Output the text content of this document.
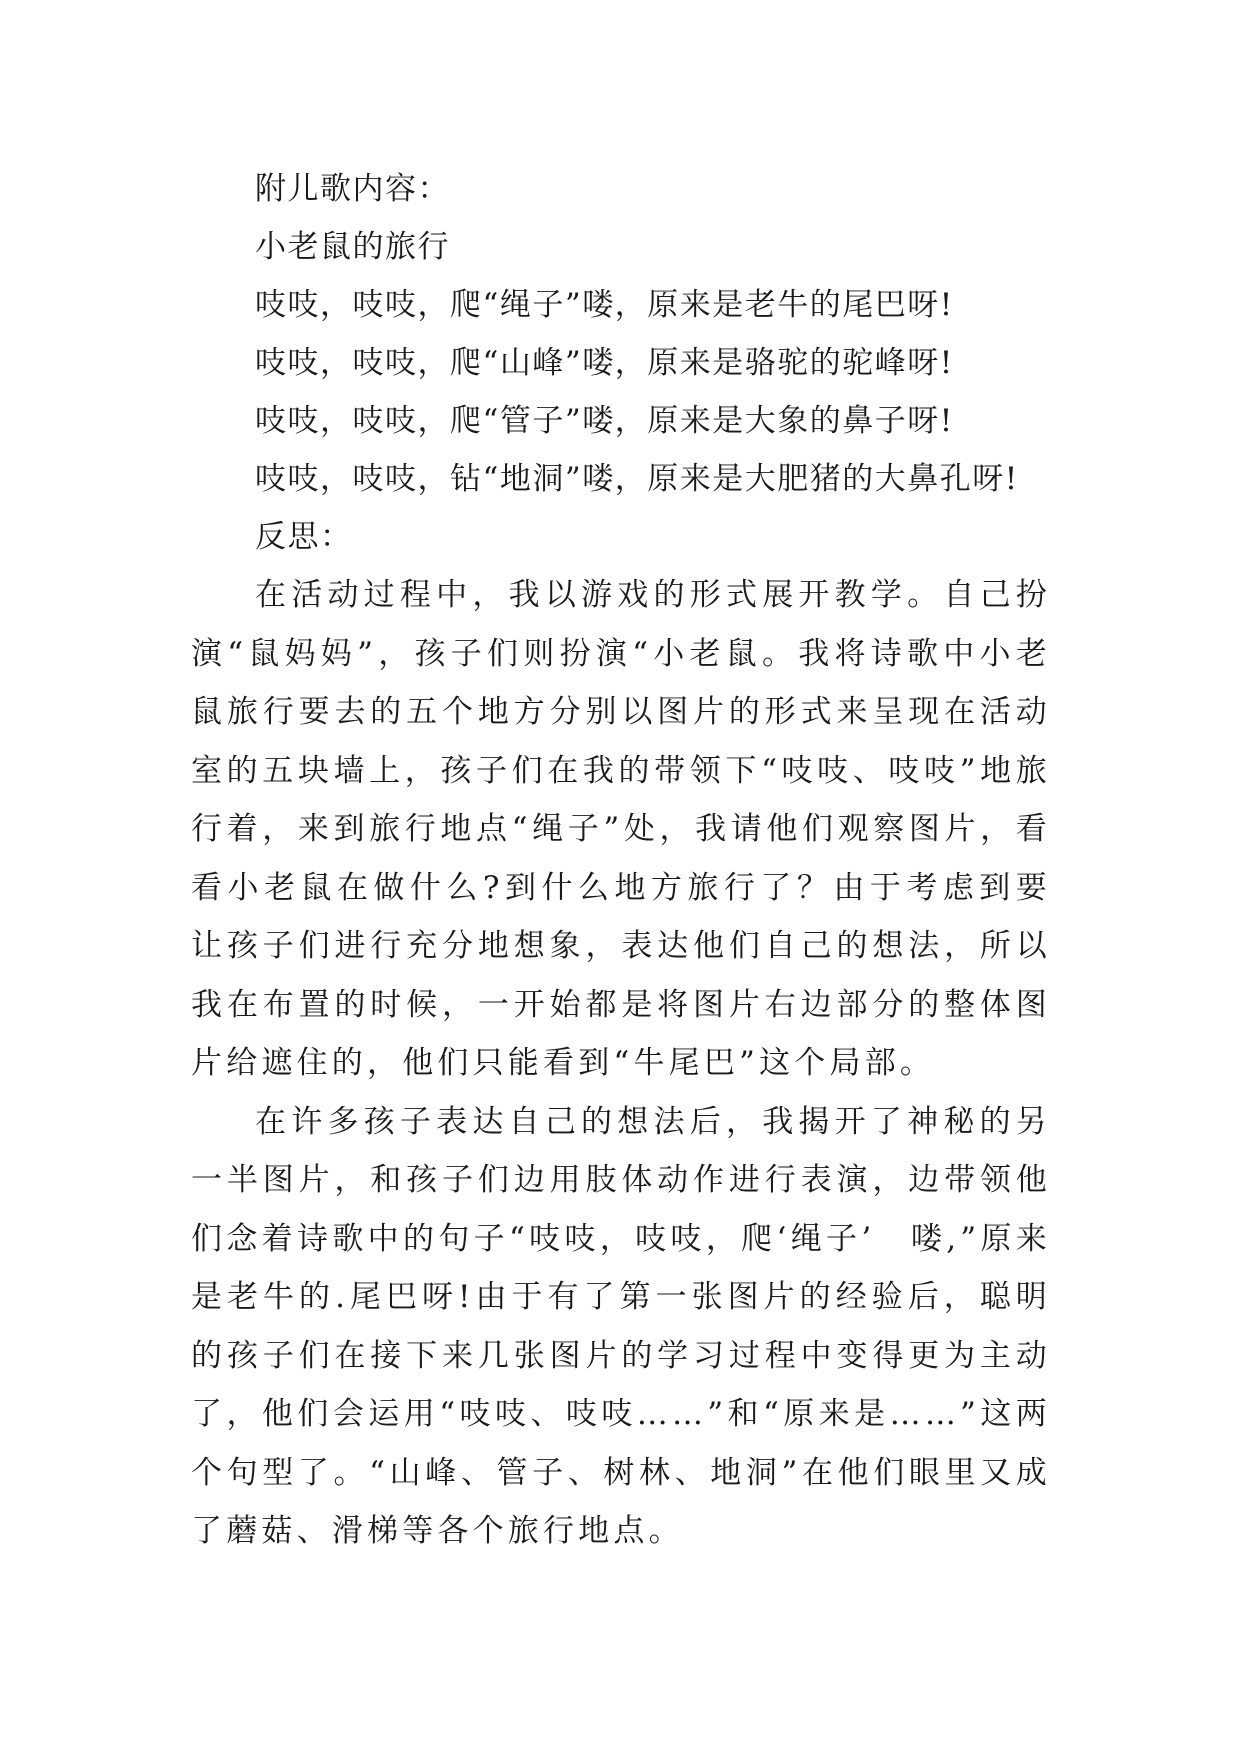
附儿歌内容：
小老鼠的旅行
吱吱，吱吱，爬“绳子”喽，原来是老牛的尾巴呀!
吱吱，吱吱，爬“山峰”喽，原来是骆驼的驼峰呀!
吱吱，吱吱，爬“管子”喽，原来是大象的鼻子呀!
吱吱，吱吱，钻“地洞”喽，原来是大肥猪的大鼻孔呀!
反思：

在活动过程中，我以游戏的形式展开教学。自己扮演“鼠妈妈”，孩子们则扮演“小老鼠。我将诗歌中小老鼠旅行要去的五个地方分别以图片的形式来呈现在活动室的五块墙上，孩子们在我的带领下“吱吱、吱吱”地旅行着，来到旅行地点“绳子”处，我请他们观察图片，看看小老鼠在做什么?到什么地方旅行了？由于考虑到要让孩子们进行充分地想象，表达他们自己的想法，所以我在布置的时候，一开始都是将图片右边部分的整体图片给遮住的，他们只能看到“牛尾巴”这个局部。

在许多孩子表达自己的想法后，我揭开了神秘的另一半图片，和孩子们边用肢体动作进行表演，边带领他们念着诗歌中的句子“吱吱，吱吱，爬‘绳子’　喽,”原来是老牛的.尾巴呀!由于有了第一张图片的经验后，聪明的孩子们在接下来几张图片的学习过程中变得更为主动了，他们会运用“吱吱、吱吱……”和“原来是……”这两个句型了。“山峰、管子、树林、地洞”在他们眼里又成了蘑菇、滑梯等各个旅行地点。
